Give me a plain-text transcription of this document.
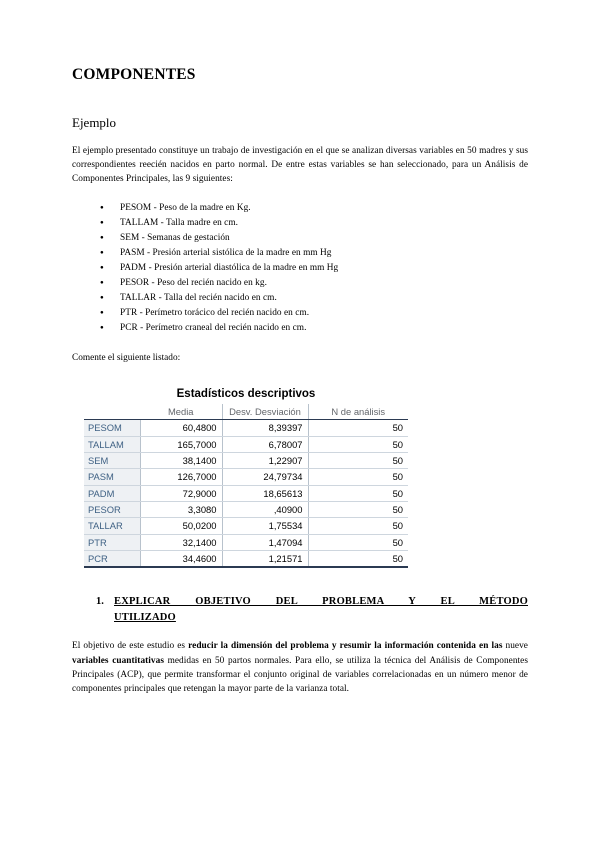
COMPONENTES
Ejemplo

El ejemplo presentado constituye un trabajo de investigación en el que se analizan diversas variables en 50 madres y sus correspondientes reecién nacidos en parto normal. De entre estas variables se han seleccionado, para un Análisis de Componentes Principales, las 9 siguientes:

● PESOM - Peso de la madre en Kg.
● TALLAM - Talla madre en cm.
● SEM - Semanas de gestación
● PASM - Presión arterial sistólica de la madre en mm Hg
● PADM - Presión arterial diastólica de la madre en mm Hg
● PESOR - Peso del recién nacido en kg.
● TALLAR - Talla del recién nacido en cm.
● PTR - Perímetro torácico del recién nacido en cm.
● PCR - Perímetro craneal del recién nacido en cm.

Comente el siguiente listado:

Estadísticos descriptivos
	Media	Desv. Desviación	N de análisis
PESOM	60,4800	8,39397	50
TALLAM	165,7000	6,78007	50
SEM	38,1400	1,22907	50
PASM	126,7000	24,79734	50
PADM	72,9000	18,65613	50
PESOR	3,3080	,40900	50
TALLAR	50,0200	1,75534	50
PTR	32,1400	1,47094	50
PCR	34,4600	1,21571	50
1. EXPLICAR OBJETIVO DEL PROBLEMA Y EL MÉTODO
UTILIZADO

El objetivo de este estudio es reducir la dimensión del problema y resumir la información contenida en las nueve variables cuantitativas medidas en 50 partos normales. Para ello, se utiliza la técnica del Análisis de Componentes Principales (ACP), que permite transformar el conjunto original de variables correlacionadas en un número menor de componentes principales que retengan la mayor parte de la varianza total.
